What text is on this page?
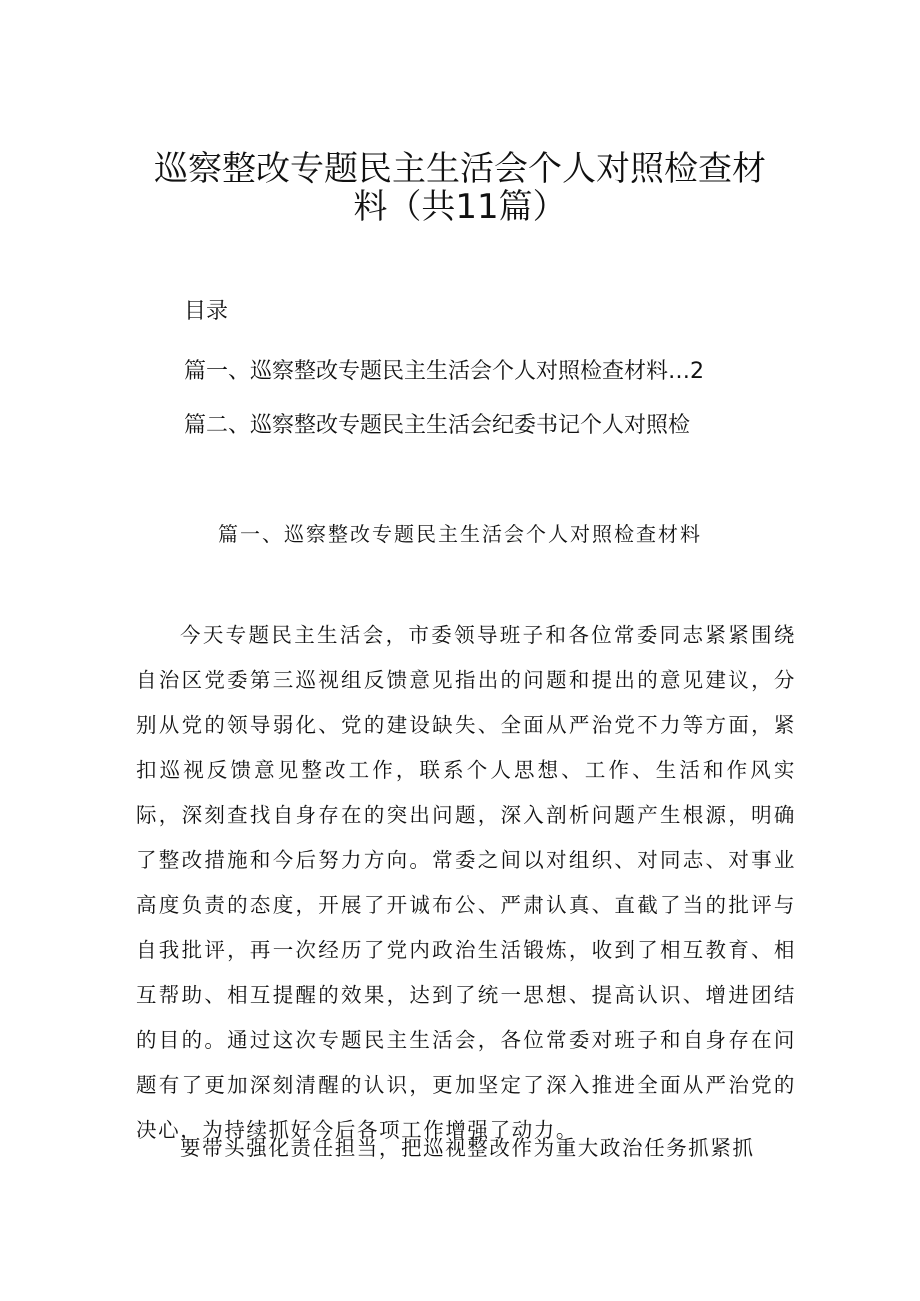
巡察整改专题民主生活会个人对照检查材
料（共11篇）
目录
篇一、巡察整改专题民主生活会个人对照检查材料…2
篇二、巡察整改专题民主生活会纪委书记个人对照检
篇一、巡察整改专题民主生活会个人对照检查材料

今天专题民主生活会，市委领导班子和各位常委同志紧紧围绕自治区党委第三巡视组反馈意见指出的问题和提出的意见建议，分别从党的领导弱化、党的建设缺失、全面从严治党不力等方面，紧扣巡视反馈意见整改工作，联系个人思想、工作、生活和作风实际，深刻查找自身存在的突出问题，深入剖析问题产生根源，明确了整改措施和今后努力方向。常委之间以对组织、对同志、对事业高度负责的态度，开展了开诚布公、严肃认真、直截了当的批评与自我批评，再一次经历了党内政治生活锻炼，收到了相互教育、相互帮助、相互提醒的效果，达到了统一思想、提高认识、增进团结的目的。通过这次专题民主生活会，各位常委对班子和自身存在问题有了更加深刻清醒的认识，更加坚定了深入推进全面从严治党的决心，为持续抓好今后各项工作增强了动力。

要带头强化责任担当，把巡视整改作为重大政治任务抓紧抓
